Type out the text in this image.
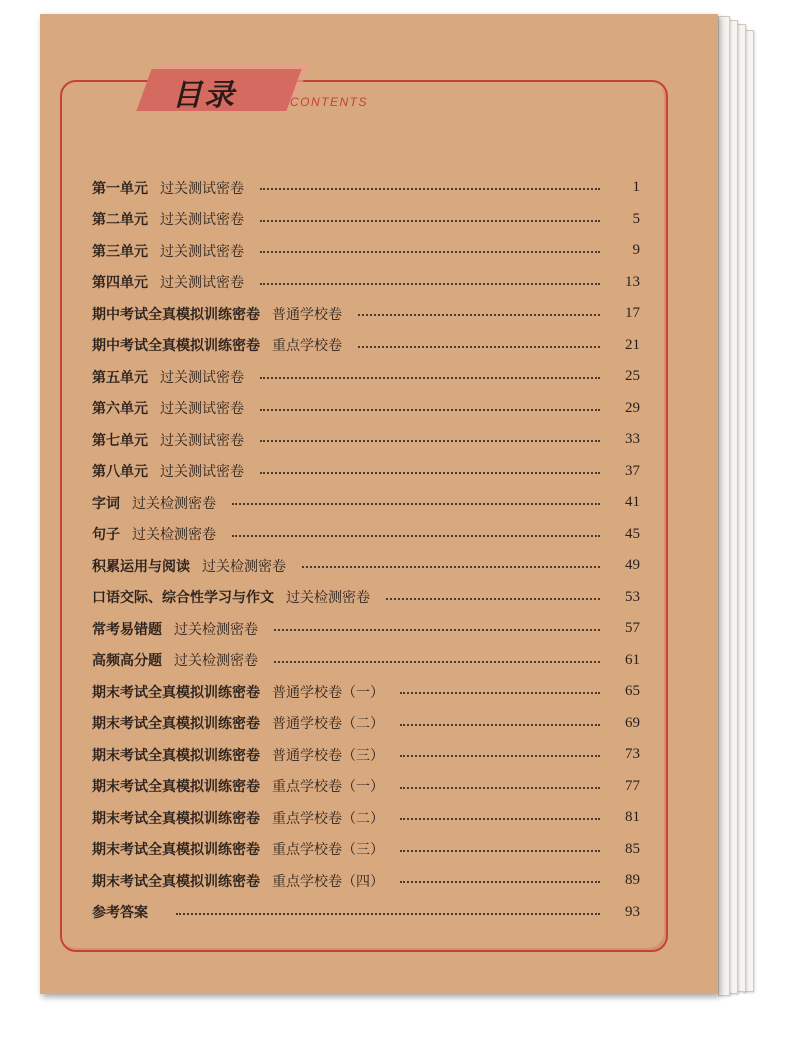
目录	CONTENTS
第一单元 过关测试密卷	1
第二单元 过关测试密卷	5
第三单元 过关测试密卷	9
第四单元 过关测试密卷	13
期中考试全真模拟训练密卷 普通学校卷	17
期中考试全真模拟训练密卷 重点学校卷	21
第五单元 过关测试密卷	25
第六单元 过关测试密卷	29
第七单元 过关测试密卷	33
第八单元 过关测试密卷	37
字词 过关检测密卷	41
句子 过关检测密卷	45
积累运用与阅读 过关检测密卷	49
口语交际、综合性学习与作文 过关检测密卷	53
常考易错题 过关检测密卷	57
高频高分题 过关检测密卷	61
期末考试全真模拟训练密卷 普通学校卷（一）	65
期末考试全真模拟训练密卷 普通学校卷（二）	69
期末考试全真模拟训练密卷 普通学校卷（三）	73
期末考试全真模拟训练密卷 重点学校卷（一）	77
期末考试全真模拟训练密卷 重点学校卷（二）	81
期末考试全真模拟训练密卷 重点学校卷（三）	85
期末考试全真模拟训练密卷 重点学校卷（四）	89
参考答案	93
